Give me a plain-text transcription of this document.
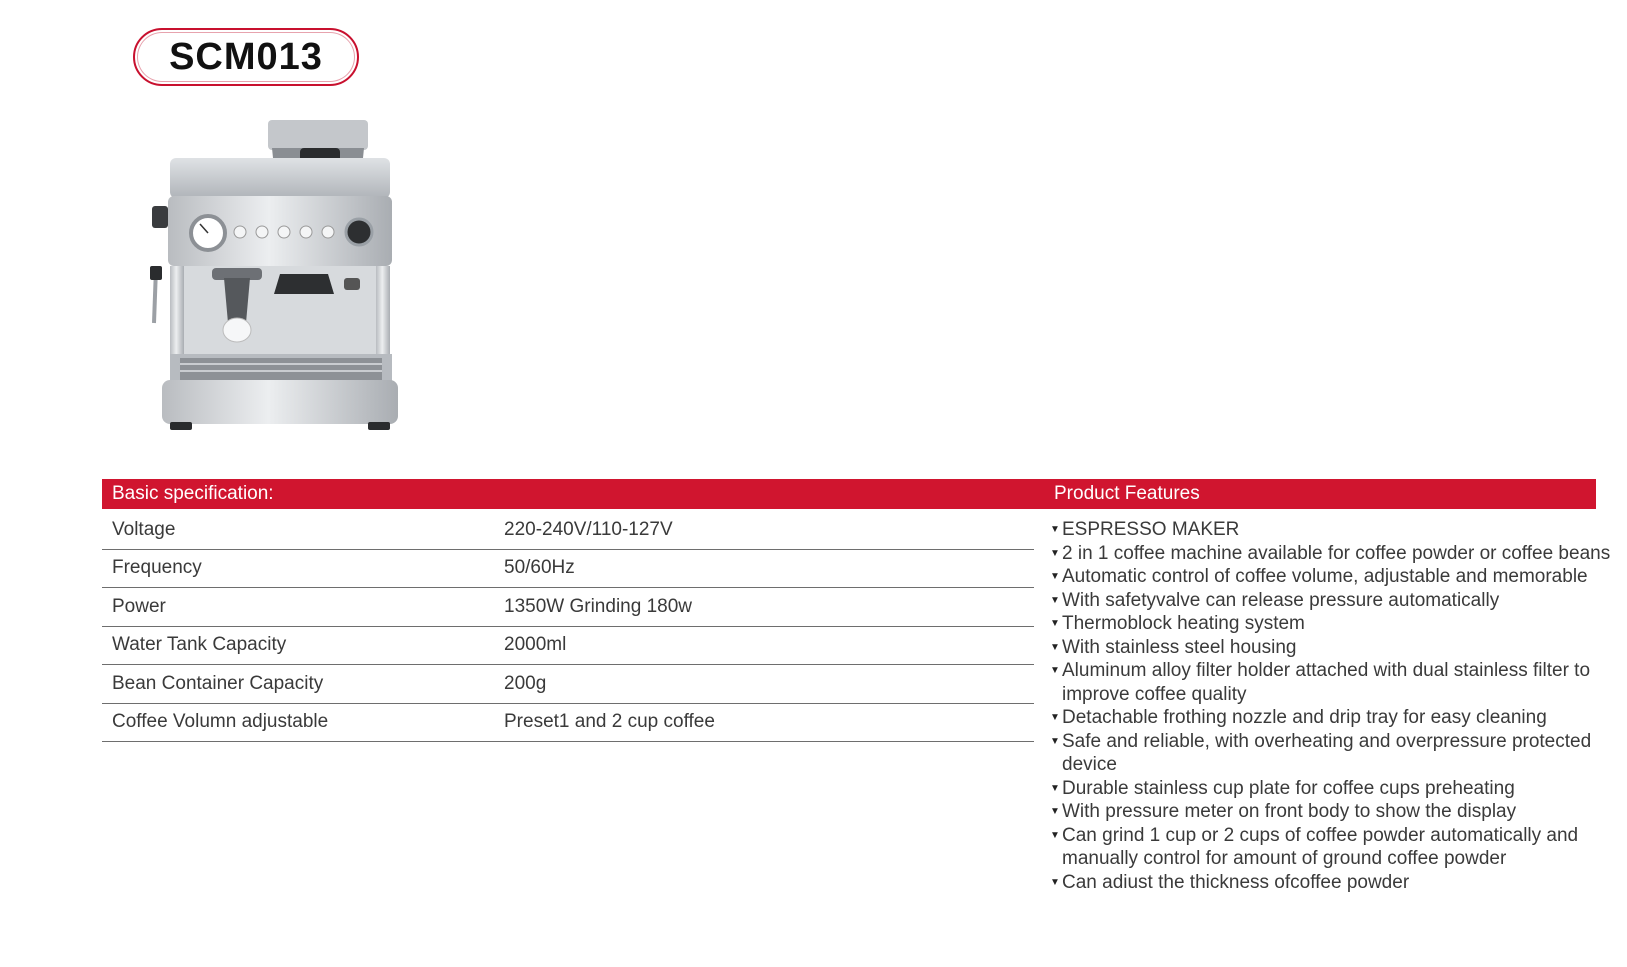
SCM013
Basic specification:	Product Features
Voltage	220-240V/110-127V
Frequency	50/60Hz
Power	1350W Grinding 180w
Water Tank Capacity	2000ml
Bean Container Capacity	200g
Coffee Volumn adjustable	Preset1 and 2 cup coffee
▼ ESPRESSO MAKER
▼ 2 in 1 coffee machine available for coffee powder or coffee beans
▼ Automatic control of coffee volume, adjustable and memorable
▼ With safetyvalve can release pressure automatically
▼ Thermoblock heating system
▼ With stainless steel housing
▼ Aluminum alloy filter holder attached with dual stainless filter to improve coffee quality
▼ Detachable frothing nozzle and drip tray for easy cleaning
▼ Safe and reliable, with overheating and overpressure protected device
▼ Durable stainless cup plate for coffee cups preheating
▼ With pressure meter on front body to show the display
▼ Can grind 1 cup or 2 cups of coffee powder automatically and manually control for amount of ground coffee powder
▼ Can adiust the thickness ofcoffee powder
